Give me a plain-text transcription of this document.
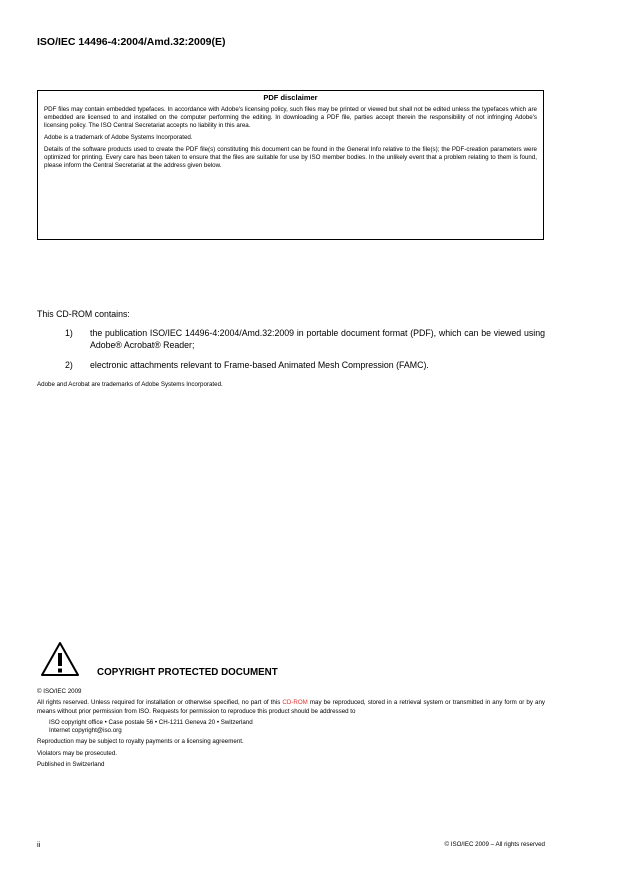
ISO/IEC 14496-4:2004/Amd.32:2009(E)
PDF disclaimer

PDF files may contain embedded typefaces. In accordance with Adobe's licensing policy, such files may be printed or viewed but shall not be edited unless the typefaces which are embedded are licensed to and installed on the computer performing the editing. In downloading a PDF file, parties accept therein the responsibility of not infringing Adobe's licensing policy. The ISO Central Secretariat accepts no liability in this area.

Adobe is a trademark of Adobe Systems Incorporated.

Details of the software products used to create the PDF file(s) constituting this document can be found in the General Info relative to the file(s); the PDF-creation parameters were optimized for printing. Every care has been taken to ensure that the files are suitable for use by ISO member bodies. In the unlikely event that a problem relating to them is found, please inform the Central Secretariat at the address given below.

This CD-ROM contains:
1) the publication ISO/IEC 14496-4:2004/Amd.32:2009 in portable document format (PDF), which can be viewed using Adobe® Acrobat® Reader;
2) electronic attachments relevant to Frame-based Animated Mesh Compression (FAMC).
Adobe and Acrobat are trademarks of Adobe Systems Incorporated.
COPYRIGHT PROTECTED DOCUMENT

© ISO/IEC 2009

All rights reserved. Unless required for installation or otherwise specified, no part of this CD-ROM may be reproduced, stored in a retrieval system or transmitted in any form or by any means without prior permission from ISO. Requests for permission to reproduce this product should be addressed to

ISO copyright office • Case postale 56 • CH-1211 Geneva 20 • Switzerland

Internet copyright@iso.org

Reproduction may be subject to royalty payments or a licensing agreement.

Violators may be prosecuted.

Published in Switzerland

ii	© ISO/IEC 2009 – All rights reserved
